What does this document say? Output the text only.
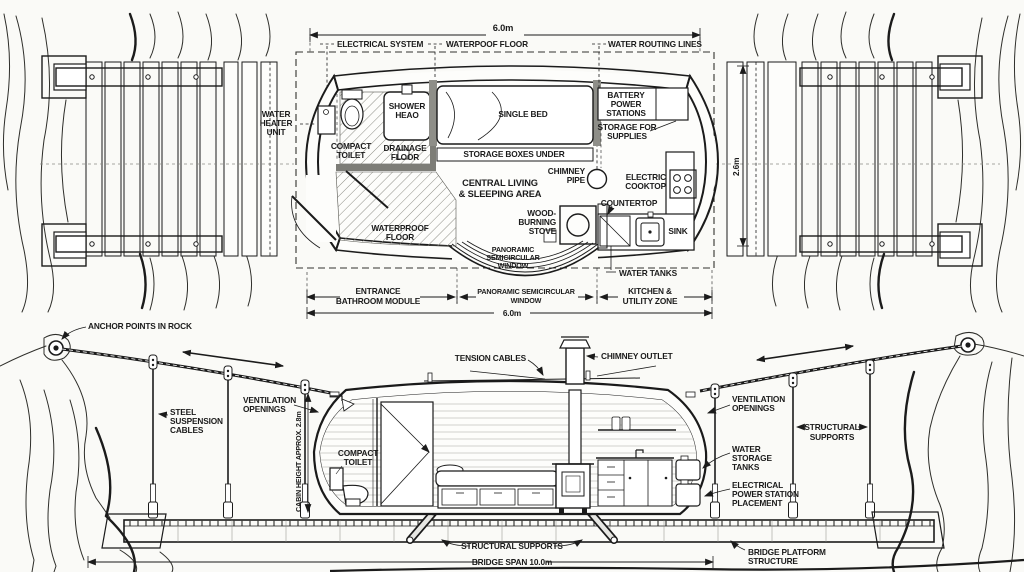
6.0m
ELECTRICAL SYSTEM	WATERPOOF FLOOR	WATER ROUTING LINES
WATER
HEATER
UNIT
COMPACT
TOILET
SHOWER
HEAO
DRAINAGE
FLOOR
SINGLE BED
STORAGE BOXES UNDER
BATTERY
POWER
STATIONS
STORAGE FOR
SUPPLIES
CENTRAL LIVING
& SLEEPING AREA
CHIMNEY
PIPE	ELECTRIC
COOKTOP
COUNTERTOP
WOOD-
BURNING
STOVE	SINK
WATERPROOF
FLOOR
PANORAMIC
SEMICIRCULAR
WINDOW
WATER TANKS
ENTRANCE
BATHROOM MODULE
PANORAMIC SEMICIRCULAR
WINDOW
KITCHEN &
UTILITY ZONE
6.0m
2.6m
ANCHOR POINTS IN ROCK
TENSION CABLES	CHIMNEY OUTLET
STEEL
SUSPENSION
CABLES
VENTILATION
OPENINGS
VENTILATION
OPENINGS
CABIN HEIGHT APPROX. 2.8m	COMPACT
TOILET
WATER
STORAGE
TANKS
ELECTRICAL
POWER STATION
PLACEMENT
STRUCTURAL
SUPPORTS
STRUCTURAL SUPPORTS
BRIDGE SPAN 10.0m
BRIDGE PLATFORM
STRUCTURE
